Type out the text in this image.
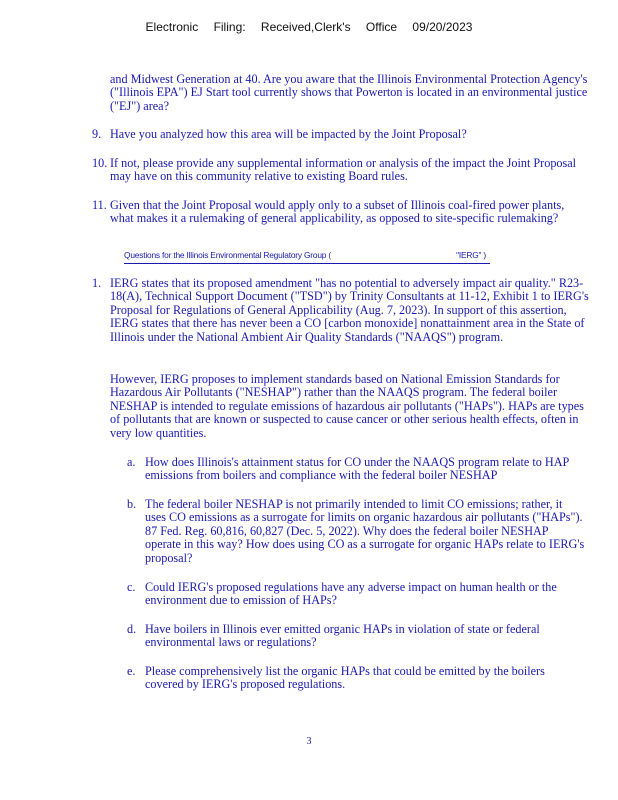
Electronic Filing: Received,Clerk's Office 09/20/2023
and Midwest Generation at 40. Are you aware that the Illinois Environmental Protection Agency's ("Illinois EPA") EJ Start tool currently shows that Powerton is located in an environmental justice ("EJ") area?
9. Have you analyzed how this area will be impacted by the Joint Proposal?
10. If not, please provide any supplemental information or analysis of the impact the Joint Proposal may have on this community relative to existing Board rules.
11. Given that the Joint Proposal would apply only to a subset of Illinois coal-fired power plants, what makes it a rulemaking of general applicability, as opposed to site-specific rulemaking?
Questions for the Illinois Environmental Regulatory Group (	"IERG" )
1. IERG states that its proposed amendment "has no potential to adversely impact air quality." R23-18(A), Technical Support Document ("TSD") by Trinity Consultants at 11-12, Exhibit 1 to IERG's Proposal for Regulations of General Applicability (Aug. 7, 2023). In support of this assertion, IERG states that there has never been a CO [carbon monoxide] nonattainment area in the State of Illinois under the National Ambient Air Quality Standards ("NAAQS") program.
However, IERG proposes to implement standards based on National Emission Standards for Hazardous Air Pollutants ("NESHAP") rather than the NAAQS program. The federal boiler NESHAP is intended to regulate emissions of hazardous air pollutants ("HAPs"). HAPs are types of pollutants that are known or suspected to cause cancer or other serious health effects, often in very low quantities.
a. How does Illinois's attainment status for CO under the NAAQS program relate to HAP emissions from boilers and compliance with the federal boiler NESHAP
b. The federal boiler NESHAP is not primarily intended to limit CO emissions; rather, it uses CO emissions as a surrogate for limits on organic hazardous air pollutants ("HAPs"). 87 Fed. Reg. 60,816, 60,827 (Dec. 5, 2022). Why does the federal boiler NESHAP operate in this way? How does using CO as a surrogate for organic HAPs relate to IERG's proposal?
c. Could IERG's proposed regulations have any adverse impact on human health or the environment due to emission of HAPs?
d. Have boilers in Illinois ever emitted organic HAPs in violation of state or federal environmental laws or regulations?
e. Please comprehensively list the organic HAPs that could be emitted by the boilers covered by IERG's proposed regulations.
3
